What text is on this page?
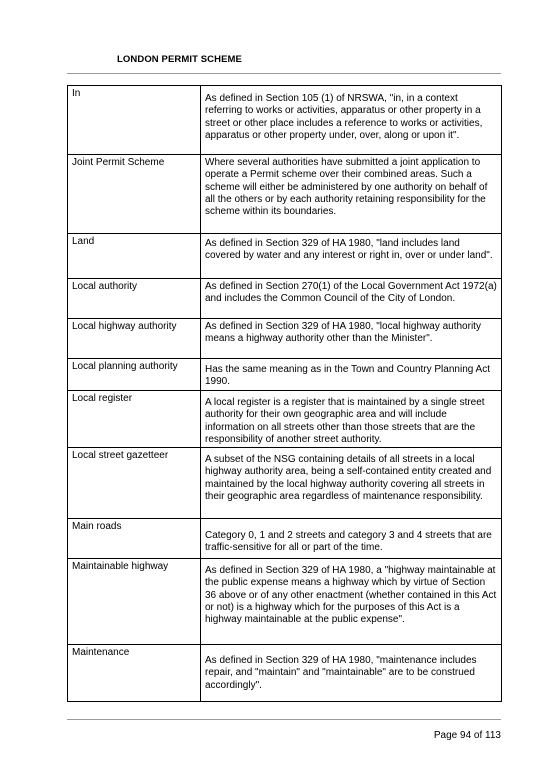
LONDON PERMIT SCHEME
In	As defined in Section 105 (1) of NRSWA, "in, in a context referring to works or activities, apparatus or other property in a street or other place includes a reference to works or activities, apparatus or other property under, over, along or upon it".

Joint Permit Scheme	Where several authorities have submitted a joint application to operate a Permit scheme over their combined areas. Such a scheme will either be administered by one authority on behalf of all the others or by each authority retaining responsibility for the scheme within its boundaries.
Land	As defined in Section 329 of HA 1980, "land includes land covered by water and any interest or right in, over or under land".

Local authority	As defined in Section 270(1) of the Local Government Act 1972(a) and includes the Common Council of the City of London.
Local highway authority	As defined in Section 329 of HA 1980, "local highway authority means a highway authority other than the Minister".
Local planning authority	Has the same meaning as in the Town and Country Planning Act 1990.

Local register	A local register is a register that is maintained by a single street authority for their own geographic area and will include information on all streets other than those streets that are the responsibility of another street authority.

Local street gazetteer	A subset of the NSG containing details of all streets in a local highway authority area, being a self-contained entity created and maintained by the local highway authority covering all streets in their geographic area regardless of maintenance responsibility.

Main roads	Category 0, 1 and 2 streets and category 3 and 4 streets that are traffic-sensitive for all or part of the time.

Maintainable highway	As defined in Section 329 of HA 1980, a "highway maintainable at the public expense means a highway which by virtue of Section 36 above or of any other enactment (whether contained in this Act or not) is a highway which for the purposes of this Act is a highway maintainable at the public expense".

Maintenance	As defined in Section 329 of HA 1980, "maintenance includes repair, and "maintain" and "maintainable" are to be construed accordingly".
Page 94 of 113
